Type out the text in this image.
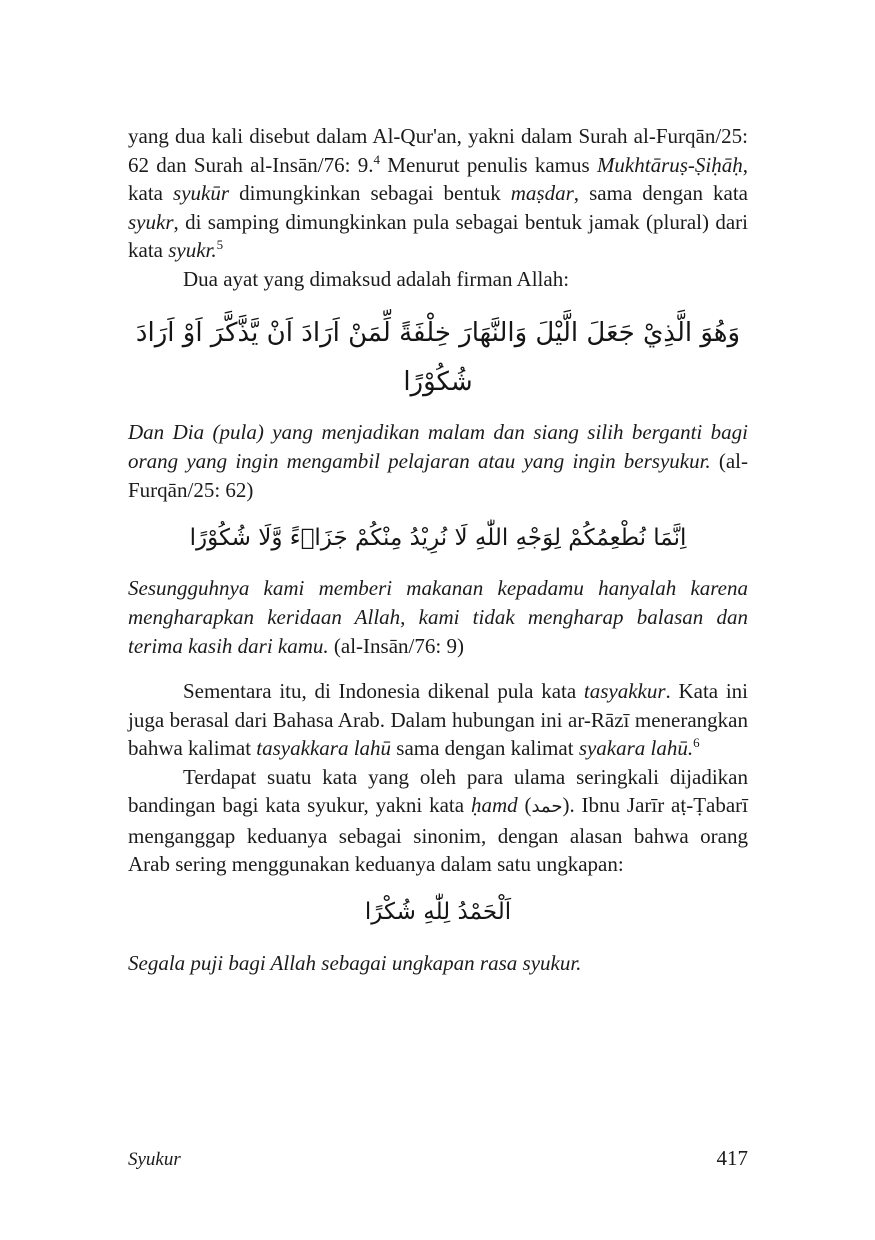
yang dua kali disebut dalam Al-Qur'an, yakni dalam Surah al-Furqān/25: 62 dan Surah al-Insān/76: 9.$^4$ Menurut penulis kamus Mukhtāruṣ-Ṣiḥāḥ, kata syukūr dimungkinkan sebagai bentuk maṣdar, sama dengan kata syukr, di samping dimungkinkan pula sebagai bentuk jamak (plural) dari kata syukr.$^5$

Dua ayat yang dimaksud adalah firman Allah:

وَهُوَ الَّذِيْ جَعَلَ الَّيْلَ وَالنَّهَارَ خِلْفَةً لِّمَنْ اَرَادَ اَنْ يَّذَّكَّرَ اَوْ اَرَادَ شُكُوْرًا

Dan Dia (pula) yang menjadikan malam dan siang silih berganti bagi orang yang ingin mengambil pelajaran atau yang ingin bersyukur. (al-Furqān/25: 62)

اِنَّمَا نُطْعِمُكُمْ لِوَجْهِ اللّٰهِ لَا نُرِيْدُ مِنْكُمْ جَزَاۤءً وَّلَا شُكُوْرًا

Sesungguhnya kami memberi makanan kepadamu hanyalah karena mengharapkan keridaan Allah, kami tidak mengharap balasan dan terima kasih dari kamu. (al-Insān/76: 9)

Sementara itu, di Indonesia dikenal pula kata tasyakkur. Kata ini juga berasal dari Bahasa Arab. Dalam hubungan ini ar-Rāzī menerangkan bahwa kalimat tasyakkara lahū sama dengan kalimat syakara lahū.$^6$

Terdapat suatu kata yang oleh para ulama seringkali dijadikan bandingan bagi kata syukur, yakni kata ḥamd (حمد). Ibnu Jarīr aṭ-Ṭabarī menganggap keduanya sebagai sinonim, dengan alasan bahwa orang Arab sering menggunakan keduanya dalam satu ungkapan:

اَلْحَمْدُ لِلّٰهِ شُكْرًا

Segala puji bagi Allah sebagai ungkapan rasa syukur.

Syukur	417
